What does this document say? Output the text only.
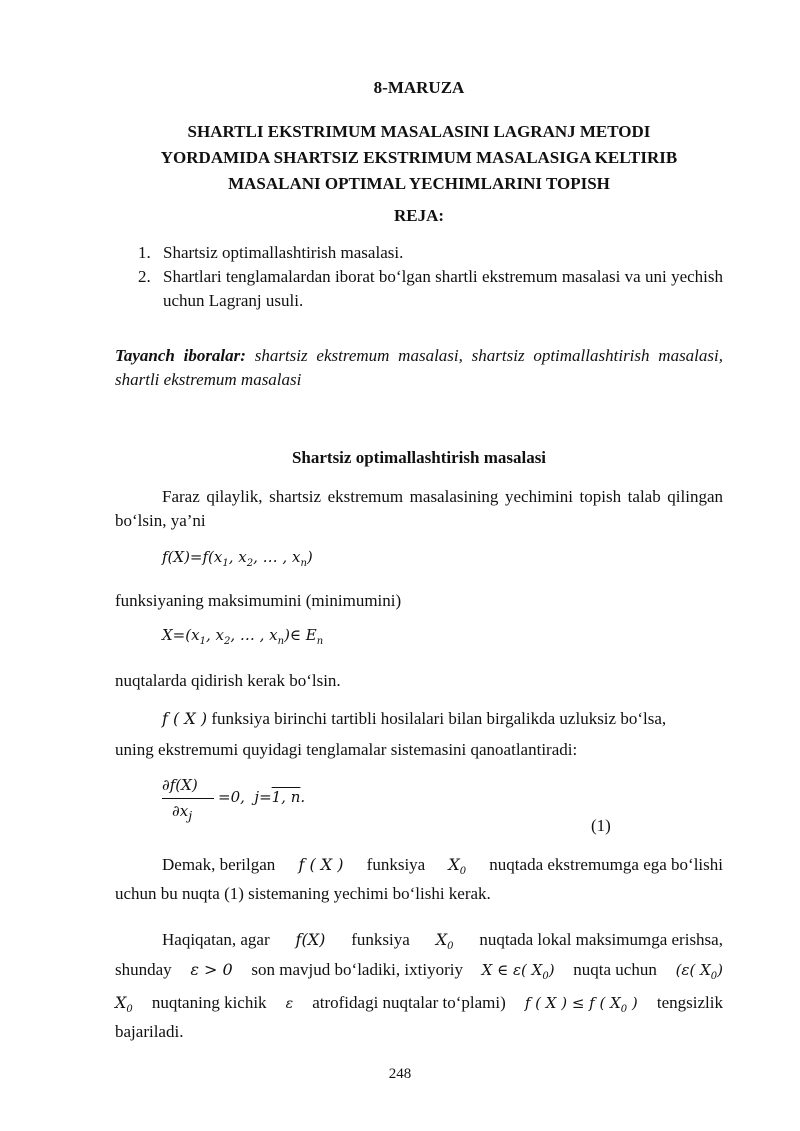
8-MARUZA
SHARTLI EKSTRIMUM MASALASINI LAGRANJ METODI
YORDAMIDA SHARTSIZ EKSTRIMUM MASALASIGA KELTIRIB
MASALANI OPTIMAL YECHIMLARINI TOPISH
REJA:
1. Shartsiz optimallashtirish masalasi.
2. Shartlari tenglamalardan iborat bo‘lgan shartli ekstremum masalasi va uni yechish uchun Lagranj usuli.
Tayanch iboralar: shartsiz ekstremum masalasi, shartsiz optimallashtirish masalasi, shartli ekstremum masalasi
Shartsiz optimallashtirish masalasi
Faraz qilaylik, shartsiz ekstremum masalasining yechimini topish talab qilingan bo‘lsin, ya’ni
$f(X)=f(x_1$, $x_2$, … , $x_n$)
funksiyaning maksimumini (minimumini)
$X=(x_1$, $x_2$, … , $x_n)\in$ $E_n$
nuqtalarda qidirish kerak bo‘lsin.
f ( X ) funksiya birinchi tartibli hosilalari bilan birgalikda uzluksiz bo‘lsa,
uning ekstremumi quyidagi tenglamalar sistemasini qanoatlantiradi:
∂f(X)
$\partial x_j$
=0,  j=1, n.
(1)
Demak, berilgan f ( X ) funksiya $X_0$ nuqtada ekstremumga ega bo‘lishi
uchun bu nuqta (1) sistemaning yechimi bo‘lishi kerak.
Haqiqatan, agar f(X) funksiya $X_0$ nuqtada lokal maksimumga erishsa,
shunday ε > 0 son mavjud bo‘ladiki, ixtiyoriy X ∈ ε( $X_0$) nuqta uchun (ε( $X_0$)
$X_0$ nuqtaning kichik ε atrofidagi nuqtalar to‘plami) f ( X ) ≤ f ( $X_0$ ) tengsizlik
bajariladi.
248
